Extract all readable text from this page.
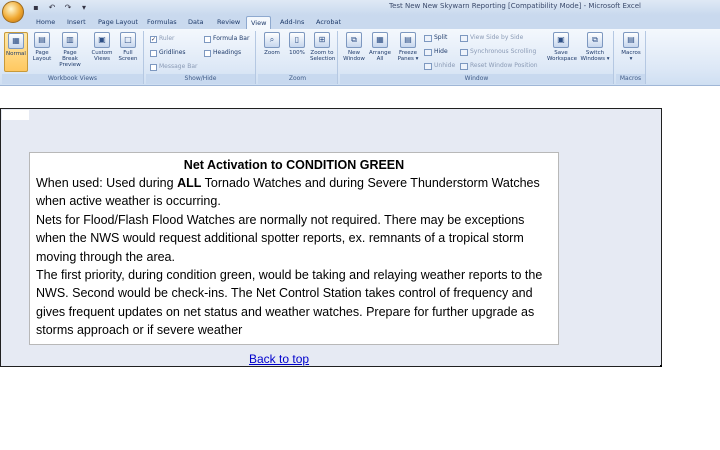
▪	↶	↷	▾	Test New New Skywarn Reporting [Compatibility Mode] - Microsoft Excel
Home	Insert	Page Layout	Formulas	Data	Review	View	Add-Ins	Acrobat
▦
Normal
▤
Page Layout
▥
Page Break Preview
▣
Custom Views
□
Full Screen
Workbook Views
✓ Ruler
Gridlines
Message Bar
Formula Bar
Headings
Show/Hide
⌕
Zoom
▯
100%
⊞
Zoom to Selection
Zoom
⧉
New Window
▦
Arrange All
▤
Freeze Panes ▾
Split
Hide
Unhide
View Side by Side
Synchronous Scrolling
Reset Window Position
▣
Save Workspace
⧉
Switch Windows ▾
Window
▤
Macros ▾
Macros
Net Activation to CONDITION GREEN
When used: Used during ALL Tornado Watches and during Severe Thunderstorm Watches when active weather is occurring.
Nets for Flood/Flash Flood Watches are normally not required. There may be exceptions when the NWS would request additional spotter reports, ex. remnants of a tropical storm moving through the area.
The first priority, during condition green, would be taking and relaying weather reports to the NWS. Second would be check-ins. The Net Control Station takes control of frequency and gives frequent updates on net status and weather watches. Prepare for further upgrade as storms approach or if severe weather
Back to top
